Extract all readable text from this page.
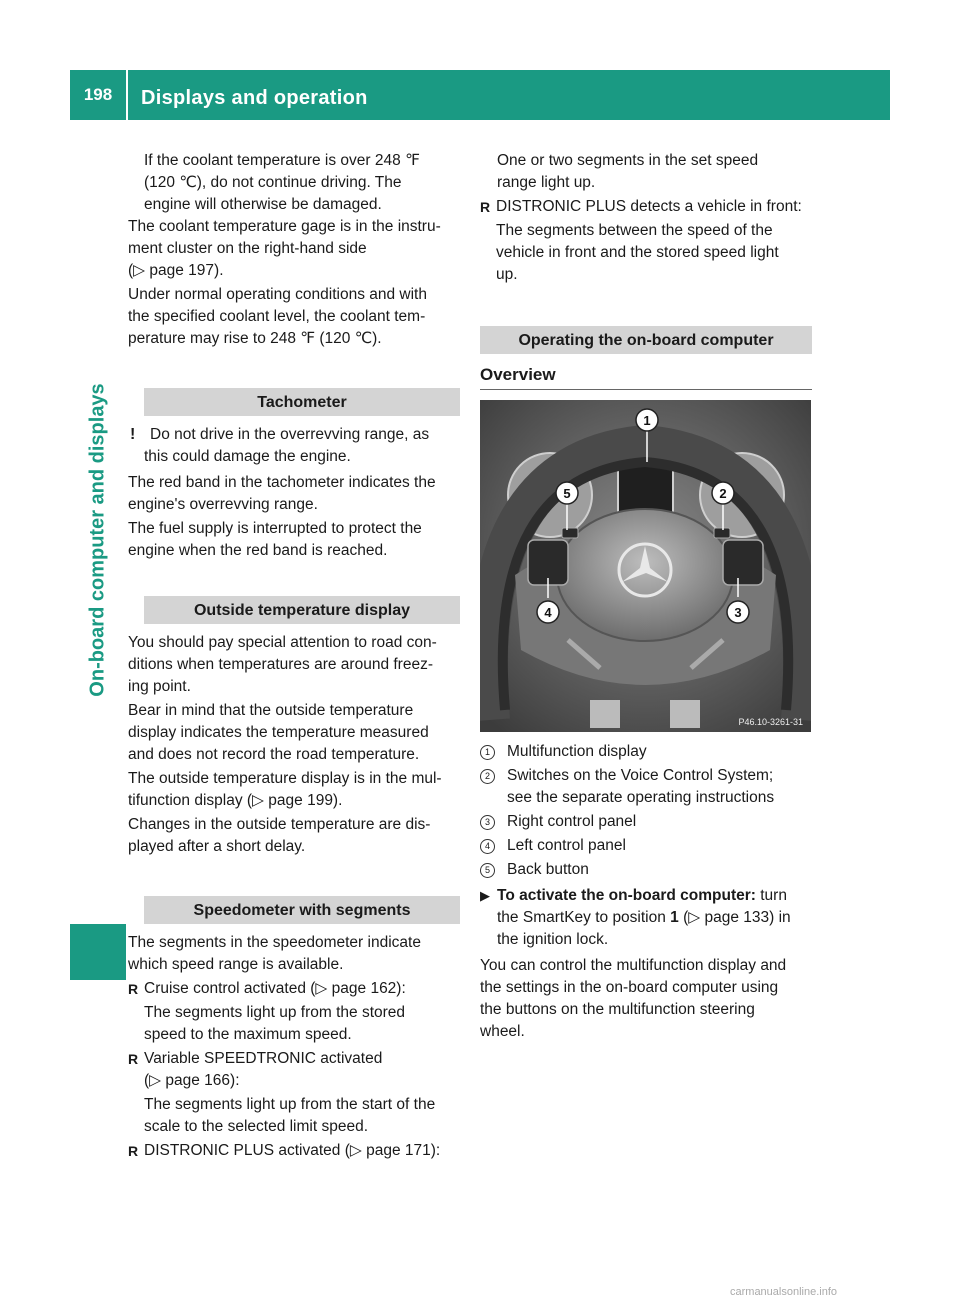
198	Displays and operation
On-board computer and displays
If the coolant temperature is over 248 ℉
(120 ℃), do not continue driving. The
engine will otherwise be damaged.

The coolant temperature gage is in the instru-
ment cluster on the right-hand side
(▷ page 197).

Under normal operating conditions and with
the specified coolant level, the coolant tem-
perature may rise to 248 ℉ (120 ℃).

Tachometer
! Do not drive in the overrevving range, as
this could damage the engine.

The red band in the tachometer indicates the
engine's overrevving range.

The fuel supply is interrupted to protect the
engine when the red band is reached.

Outside temperature display

You should pay special attention to road con-
ditions when temperatures are around freez-
ing point.

Bear in mind that the outside temperature
display indicates the temperature measured
and does not record the road temperature.

The outside temperature display is in the mul-
tifunction display (▷ page 199).

Changes in the outside temperature are dis-
played after a short delay.

Speedometer with segments

The segments in the speedometer indicate
which speed range is available.

R Cruise control activated (▷ page 162):
The segments light up from the stored
speed to the maximum speed.
R Variable SPEEDTRONIC activated
(▷ page 166):
The segments light up from the start of the
scale to the selected limit speed.
R DISTRONIC PLUS activated (▷ page 171):
One or two segments in the set speed
range light up.
R DISTRONIC PLUS detects a vehicle in front:
The segments between the speed of the
vehicle in front and the stored speed light
up.
Operating the on-board computer
Overview
1
2
3
4
5
P46.10-3261-31
1	Multifunction display
2	Switches on the Voice Control System;
see the separate operating instructions
3	Right control panel
4	Left control panel
5	Back button
▶ To activate the on-board computer: turn
the SmartKey to position 1 (▷ page 133) in
the ignition lock.

You can control the multifunction display and
the settings in the on-board computer using
the buttons on the multifunction steering
wheel.

carmanualsonline.info
